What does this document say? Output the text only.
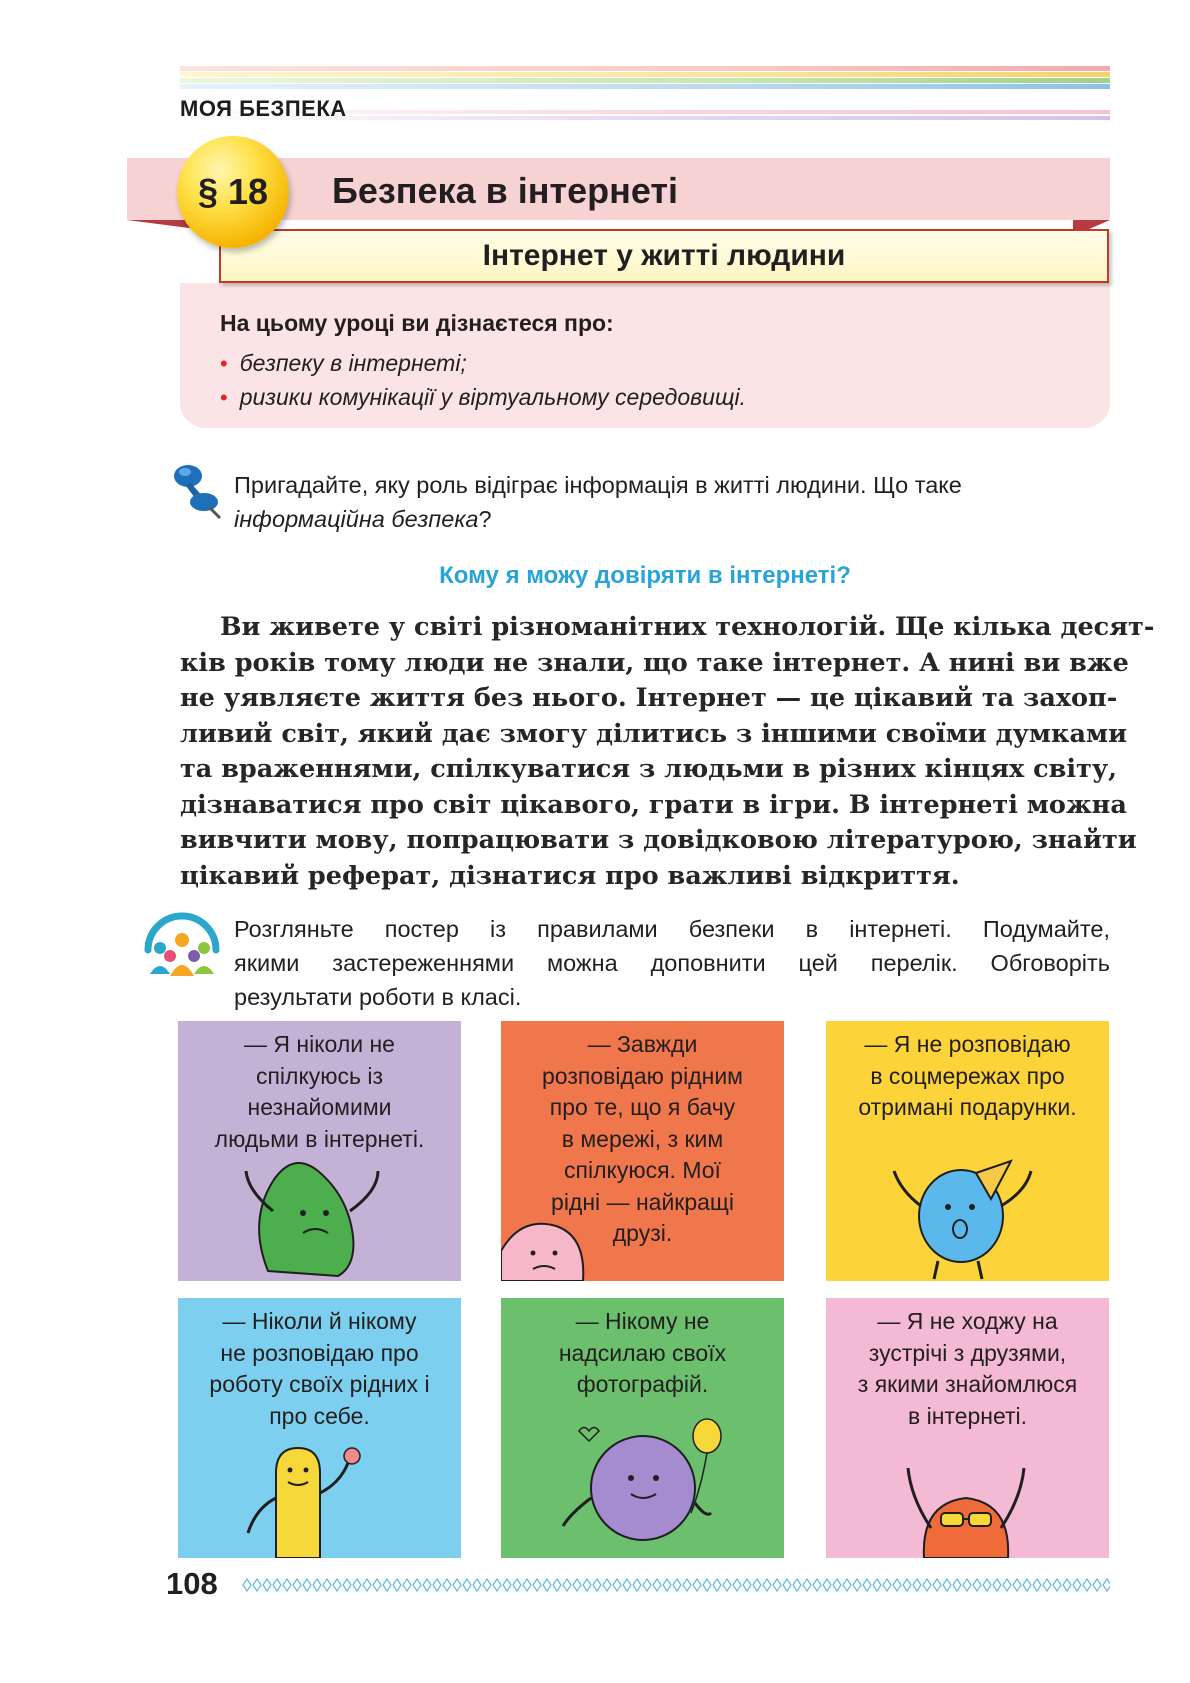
МОЯ БЕЗПЕКА
Безпека в інтернеті
Інтернет у житті людини
§ 18
На цьому уроці ви дізнаєтеся про:
• безпеку в інтернеті;
• ризики комунікації у віртуальному середовищі.
Пригадайте, яку роль відіграє інформація в житті людини. Що таке
інформаційна безпека?
Кому я можу довіряти в інтернеті?
Ви живете у світі різноманітних технологій. Ще кілька десят-
ків років тому люди не знали, що таке інтернет. А нині ви вже
не уявляєте життя без нього. Інтернет — це цікавий та захоп-
ливий світ, який дає змогу ділитись з іншими своїми думками
та враженнями, спілкуватися з людьми в різних кінцях світу,
дізнаватися про світ цікавого, грати в ігри. В інтернеті можна
вивчити мову, попрацювати з довідковою літературою, знайти
цікавий реферат, дізнатися про важливі відкриття.
Розгляньте постер із правилами безпеки в інтернеті. Подумайте,
якими застереженнями можна доповнити цей перелік. Обговоріть
результати роботи в класі.
— Я ніколи не
спілкуюсь із
незнайомими
людьми в інтернеті.
— Завжди
розповідаю рідним
про те, що я бачу
в мережі, з ким
спілкуюся. Мої
рідні — найкращі
друзі.
— Я не розповідаю
в соцмережах про
отримані подарунки.
— Ніколи й нікому
не розповідаю про
роботу своїх рідних і
про себе.
— Нікому не
надсилаю своїх
фотографій.
— Я не ходжу на
зустрічі з друзями,
з якими знайомлюся
в інтернеті.
108
